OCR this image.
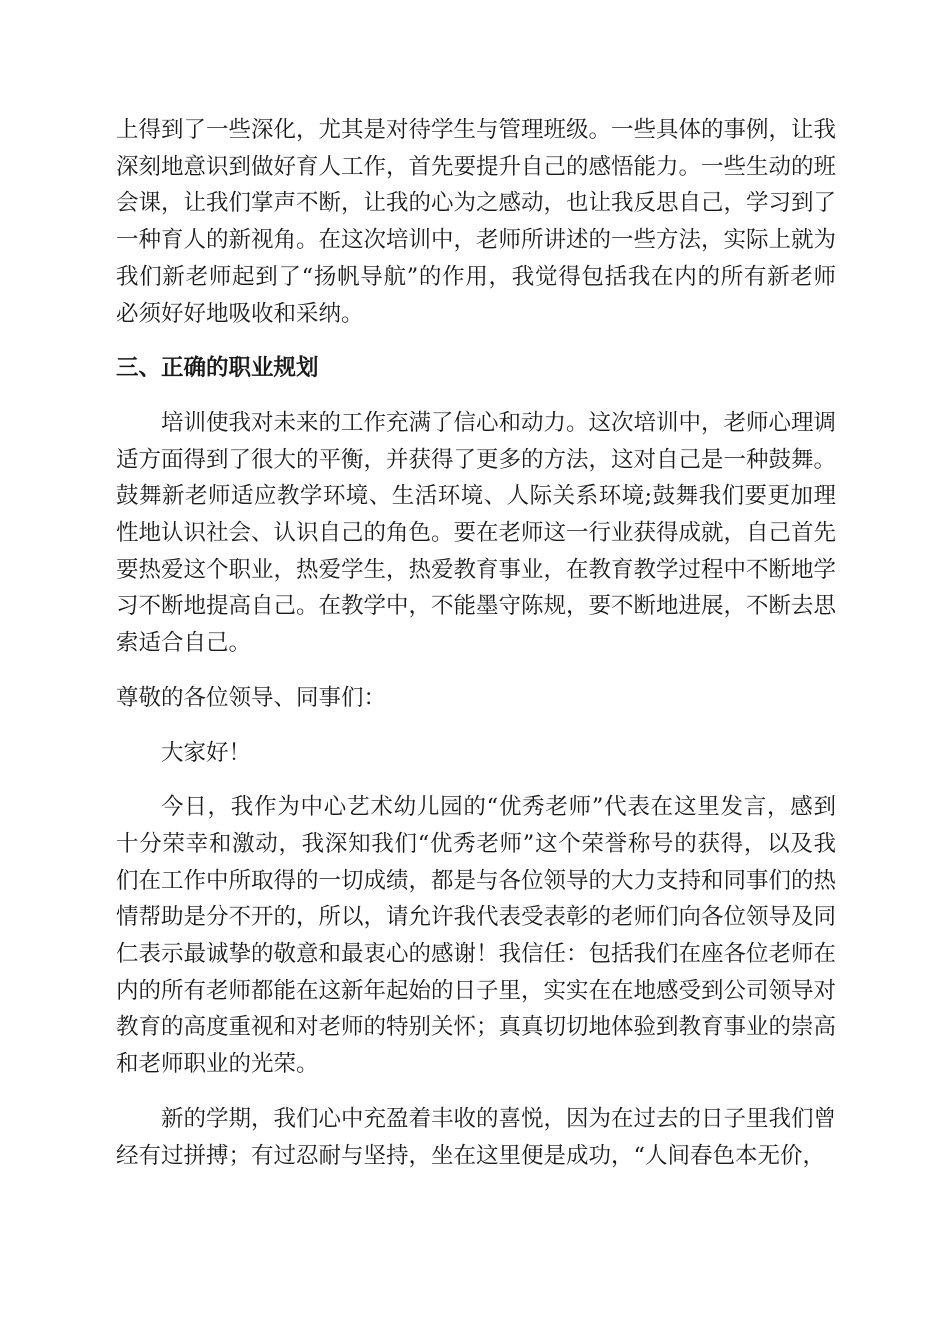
上得到了一些深化，尤其是对待学生与管理班级。一些具体的事例，让我深刻地意识到做好育人工作，首先要提升自己的感悟能力。一些生动的班会课，让我们掌声不断，让我的心为之感动，也让我反思自己，学习到了一种育人的新视角。在这次培训中，老师所讲述的一些方法，实际上就为我们新老师起到了“扬帆导航”的作用，我觉得包括我在内的所有新老师必须好好地吸收和采纳。

三、正确的职业规划

培训使我对未来的工作充满了信心和动力。这次培训中，老师心理调适方面得到了很大的平衡，并获得了更多的方法，这对自己是一种鼓舞。鼓舞新老师适应教学环境、生活环境、人际关系环境;鼓舞我们要更加理性地认识社会、认识自己的角色。要在老师这一行业获得成就，自己首先要热爱这个职业，热爱学生，热爱教育事业，在教育教学过程中不断地学习不断地提高自己。在教学中，不能墨守陈规，要不断地进展，不断去思索适合自己。

尊敬的各位领导、同事们：

大家好！

今日，我作为中心艺术幼儿园的“优秀老师”代表在这里发言，感到十分荣幸和激动，我深知我们“优秀老师”这个荣誉称号的获得，以及我们在工作中所取得的一切成绩，都是与各位领导的大力支持和同事们的热情帮助是分不开的，所以，请允许我代表受表彰的老师们向各位领导及同仁表示最诚挚的敬意和最衷心的感谢！我信任：包括我们在座各位老师在内的所有老师都能在这新年起始的日子里，实实在在地感受到公司领导对教育的高度重视和对老师的特别关怀；真真切切地体验到教育事业的崇高和老师职业的光荣。

新的学期，我们心中充盈着丰收的喜悦，因为在过去的日子里我们曾经有过拼搏；有过忍耐与坚持，坐在这里便是成功，“人间春色本无价，
